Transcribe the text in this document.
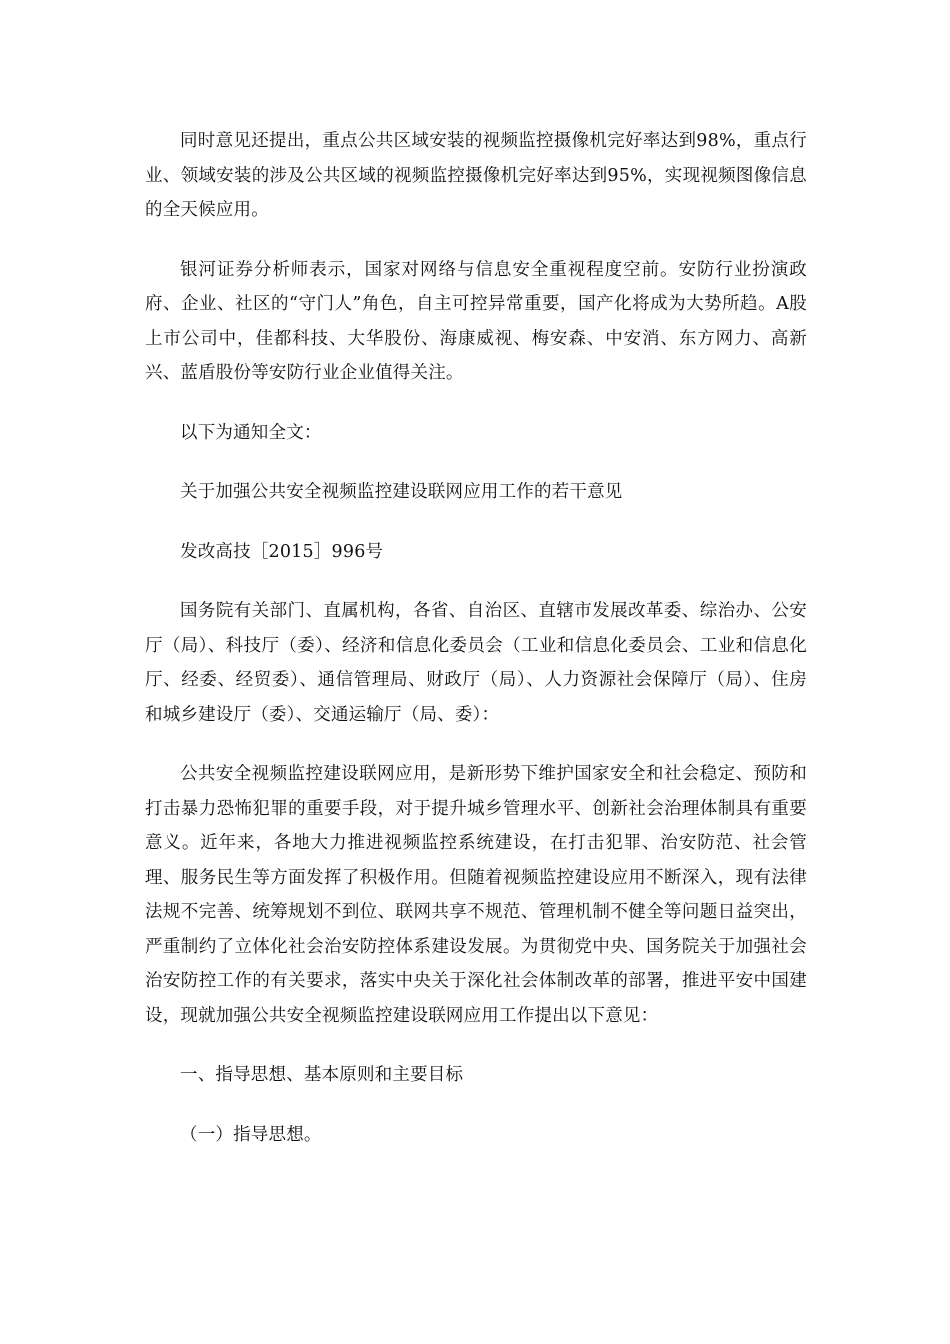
同时意见还提出，重点公共区域安装的视频监控摄像机完好率达到98%，重点行业、领域安装的涉及公共区域的视频监控摄像机完好率达到95%，实现视频图像信息的全天候应用。

银河证券分析师表示，国家对网络与信息安全重视程度空前。安防行业扮演政府、企业、社区的“守门人”角色，自主可控异常重要，国产化将成为大势所趋。A股上市公司中，佳都科技、大华股份、海康威视、梅安森、中安消、东方网力、高新兴、蓝盾股份等安防行业企业值得关注。

以下为通知全文：

关于加强公共安全视频监控建设联网应用工作的若干意见

发改高技［2015］996号

国务院有关部门、直属机构，各省、自治区、直辖市发展改革委、综治办、公安厅（局）、科技厅（委）、经济和信息化委员会（工业和信息化委员会、工业和信息化厅、经委、经贸委）、通信管理局、财政厅（局）、人力资源社会保障厅（局）、住房和城乡建设厅（委）、交通运输厅（局、委）：

公共安全视频监控建设联网应用，是新形势下维护国家安全和社会稳定、预防和打击暴力恐怖犯罪的重要手段，对于提升城乡管理水平、创新社会治理体制具有重要意义。近年来，各地大力推进视频监控系统建设，在打击犯罪、治安防范、社会管理、服务民生等方面发挥了积极作用。但随着视频监控建设应用不断深入，现有法律法规不完善、统筹规划不到位、联网共享不规范、管理机制不健全等问题日益突出，严重制约了立体化社会治安防控体系建设发展。为贯彻党中央、国务院关于加强社会治安防控工作的有关要求，落实中央关于深化社会体制改革的部署，推进平安中国建设，现就加强公共安全视频监控建设联网应用工作提出以下意见：

一、指导思想、基本原则和主要目标

（一）指导思想。
